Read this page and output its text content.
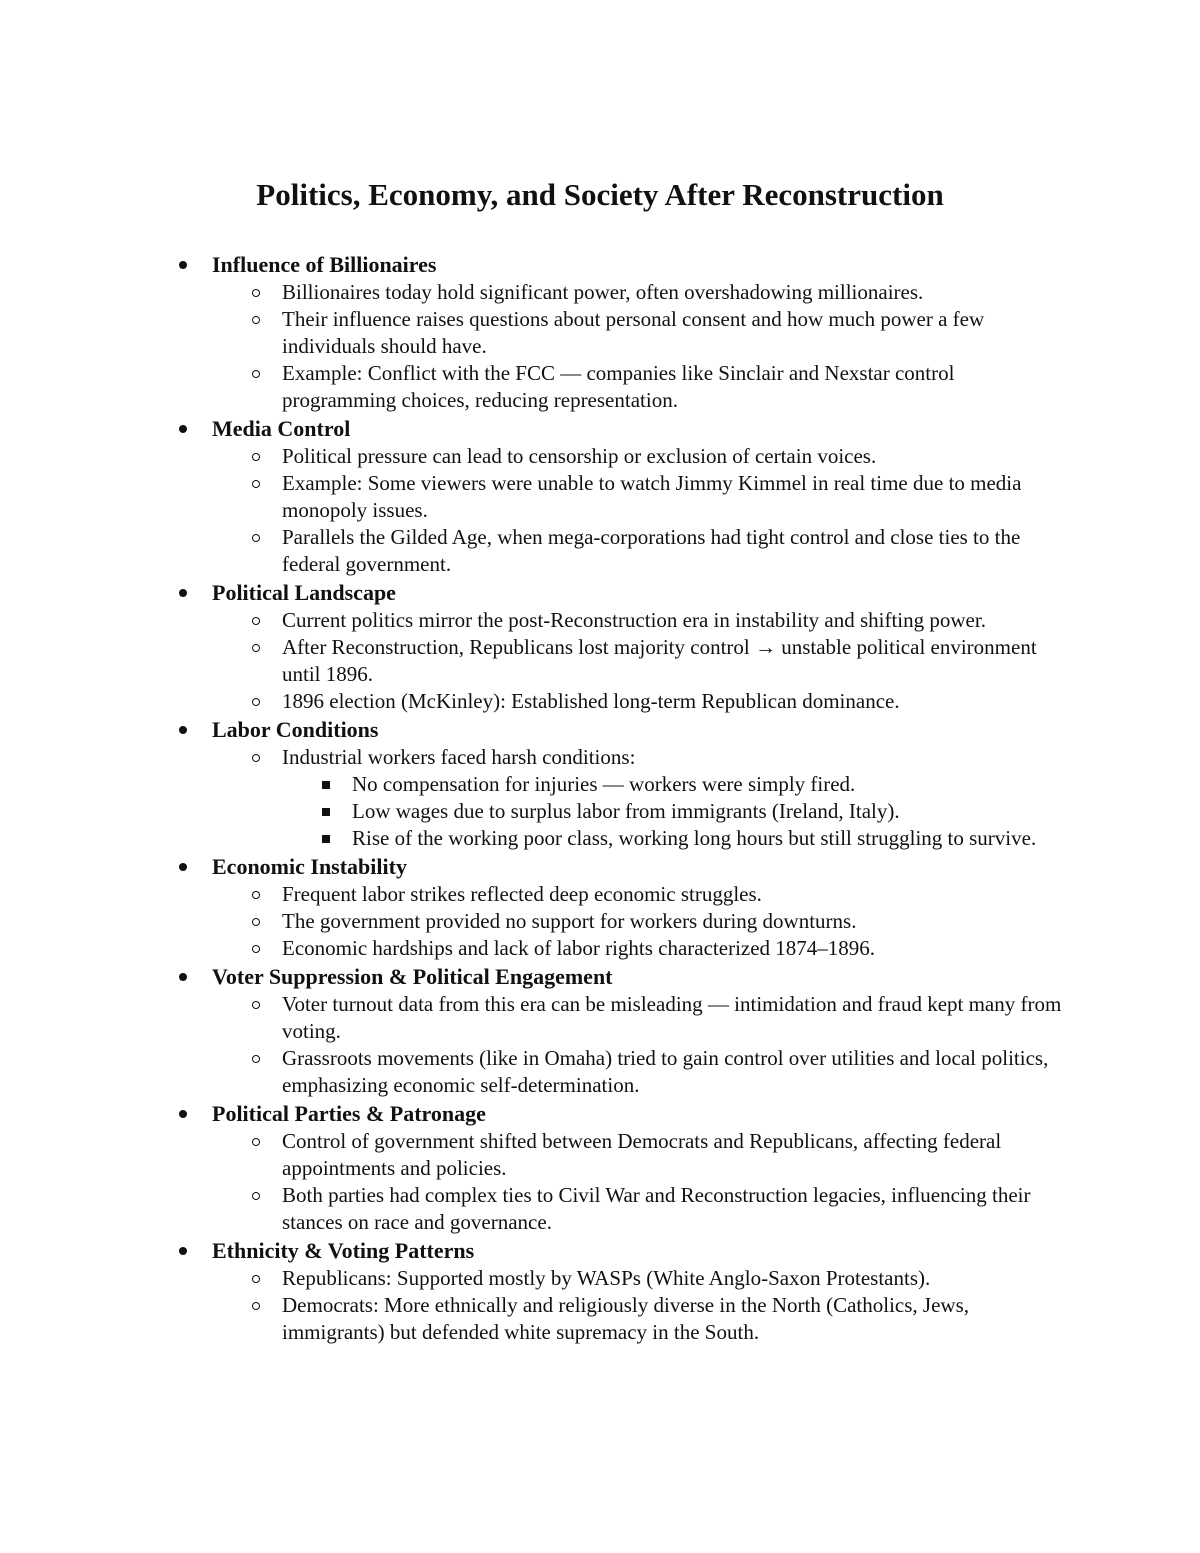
Politics, Economy, and Society After Reconstruction
Influence of Billionaires
Billionaires today hold significant power, often overshadowing millionaires.
Their influence raises questions about personal consent and how much power a few individuals should have.
Example: Conflict with the FCC — companies like Sinclair and Nexstar control programming choices, reducing representation.
Media Control
Political pressure can lead to censorship or exclusion of certain voices.
Example: Some viewers were unable to watch Jimmy Kimmel in real time due to media monopoly issues.
Parallels the Gilded Age, when mega-corporations had tight control and close ties to the federal government.
Political Landscape
Current politics mirror the post-Reconstruction era in instability and shifting power.
After Reconstruction, Republicans lost majority control → unstable political environment until 1896.
1896 election (McKinley): Established long-term Republican dominance.
Labor Conditions
Industrial workers faced harsh conditions:
No compensation for injuries — workers were simply fired.
Low wages due to surplus labor from immigrants (Ireland, Italy).
Rise of the working poor class, working long hours but still struggling to survive.
Economic Instability
Frequent labor strikes reflected deep economic struggles.
The government provided no support for workers during downturns.
Economic hardships and lack of labor rights characterized 1874–1896.
Voter Suppression & Political Engagement
Voter turnout data from this era can be misleading — intimidation and fraud kept many from voting.
Grassroots movements (like in Omaha) tried to gain control over utilities and local politics, emphasizing economic self-determination.
Political Parties & Patronage
Control of government shifted between Democrats and Republicans, affecting federal appointments and policies.
Both parties had complex ties to Civil War and Reconstruction legacies, influencing their stances on race and governance.
Ethnicity & Voting Patterns
Republicans: Supported mostly by WASPs (White Anglo-Saxon Protestants).
Democrats: More ethnically and religiously diverse in the North (Catholics, Jews, immigrants) but defended white supremacy in the South.
